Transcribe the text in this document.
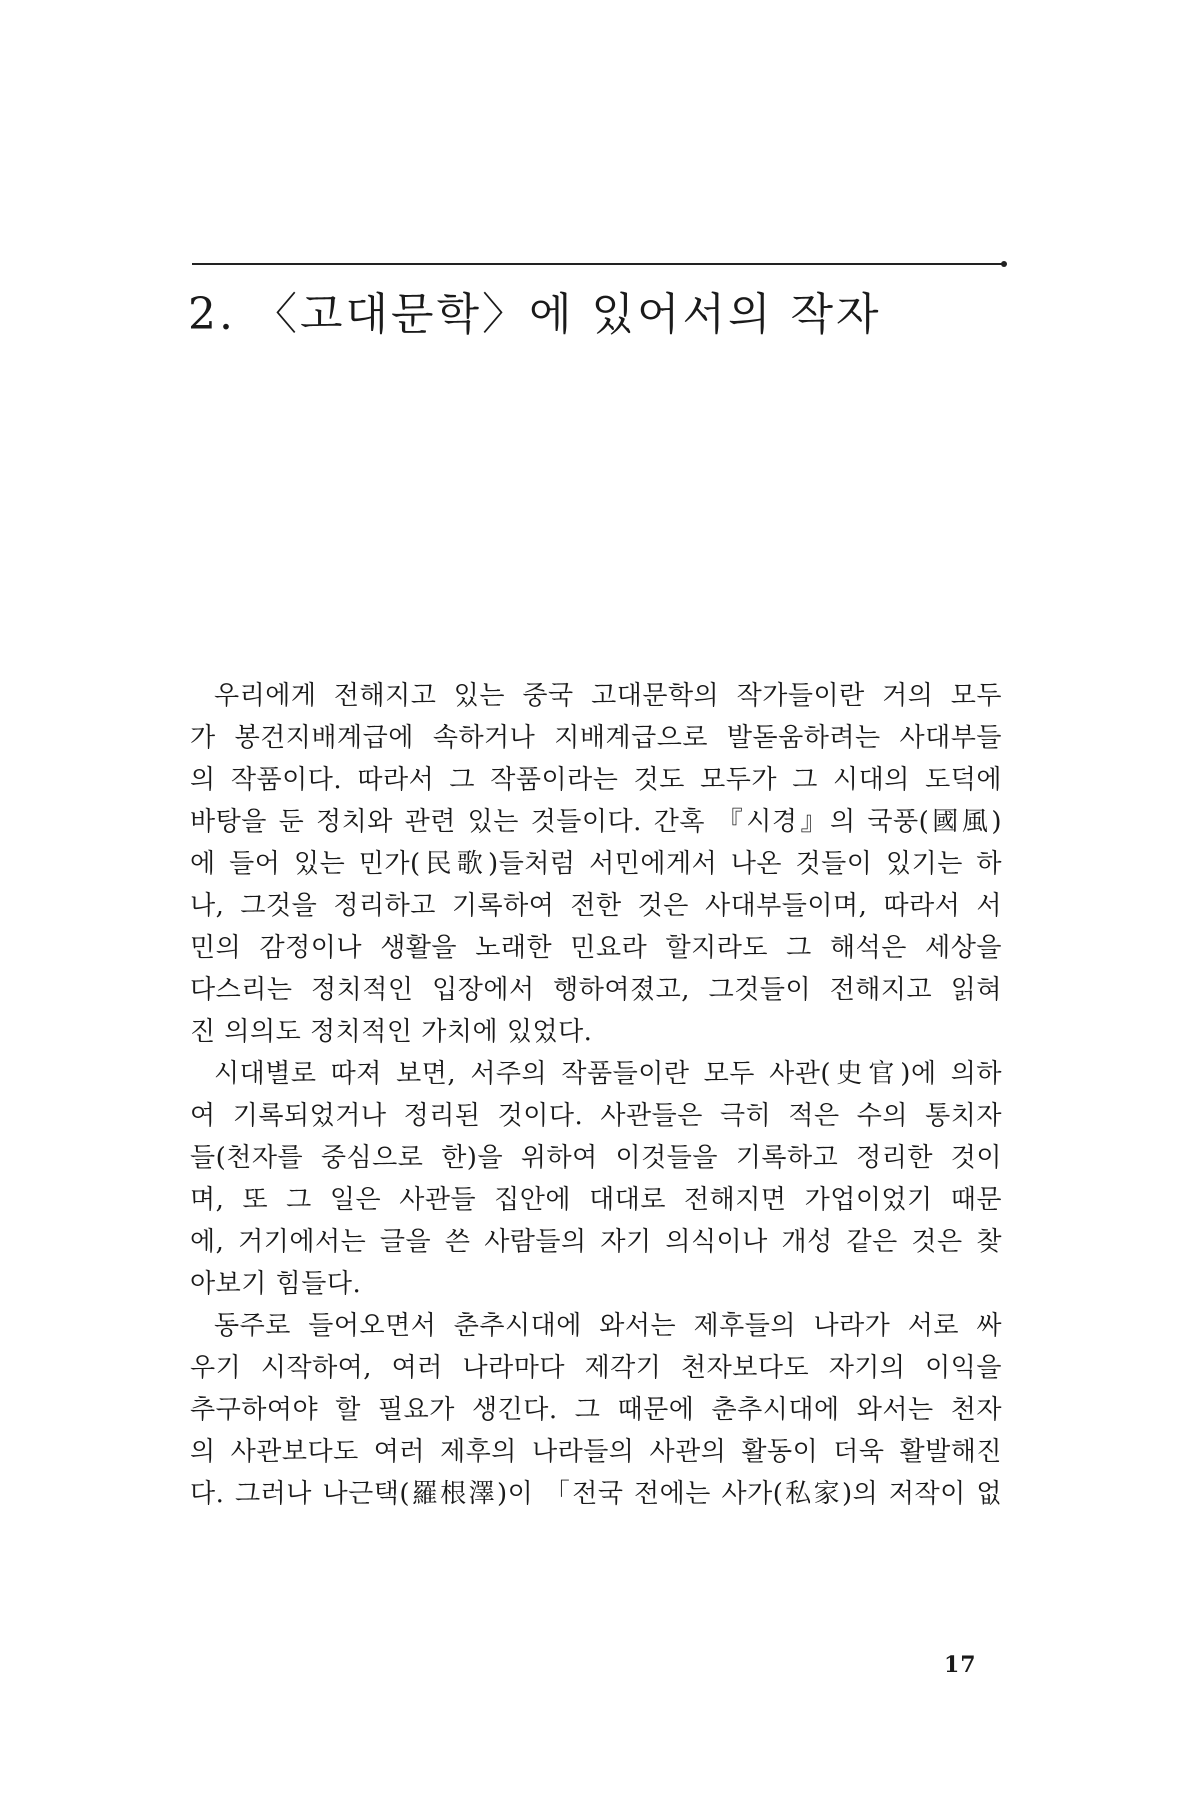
2. 〈고대문학〉에 있어서의 작자
우리에게 전해지고 있는 중국 고대문학의 작가들이란 거의 모두
가 봉건지배계급에 속하거나 지배계급으로 발돋움하려는 사대부들
의 작품이다. 따라서 그 작품이라는 것도 모두가 그 시대의 도덕에
바탕을 둔 정치와 관련 있는 것들이다. 간혹 『시경』의 국풍(國風)
에 들어 있는 민가(民歌)들처럼 서민에게서 나온 것들이 있기는 하
나, 그것을 정리하고 기록하여 전한 것은 사대부들이며, 따라서 서
민의 감정이나 생활을 노래한 민요라 할지라도 그 해석은 세상을
다스리는 정치적인 입장에서 행하여졌고, 그것들이 전해지고 읽혀
진 의의도 정치적인 가치에 있었다.
시대별로 따져 보면, 서주의 작품들이란 모두 사관(史官)에 의하
여 기록되었거나 정리된 것이다. 사관들은 극히 적은 수의 통치자
들(천자를 중심으로 한)을 위하여 이것들을 기록하고 정리한 것이
며, 또 그 일은 사관들 집안에 대대로 전해지면 가업이었기 때문
에, 거기에서는 글을 쓴 사람들의 자기 의식이나 개성 같은 것은 찾
아보기 힘들다.
동주로 들어오면서 춘추시대에 와서는 제후들의 나라가 서로 싸
우기 시작하여, 여러 나라마다 제각기 천자보다도 자기의 이익을
추구하여야 할 필요가 생긴다. 그 때문에 춘추시대에 와서는 천자
의 사관보다도 여러 제후의 나라들의 사관의 활동이 더욱 활발해진
다. 그러나 나근택(羅根澤)이 「전국 전에는 사가(私家)의 저작이 없
17
